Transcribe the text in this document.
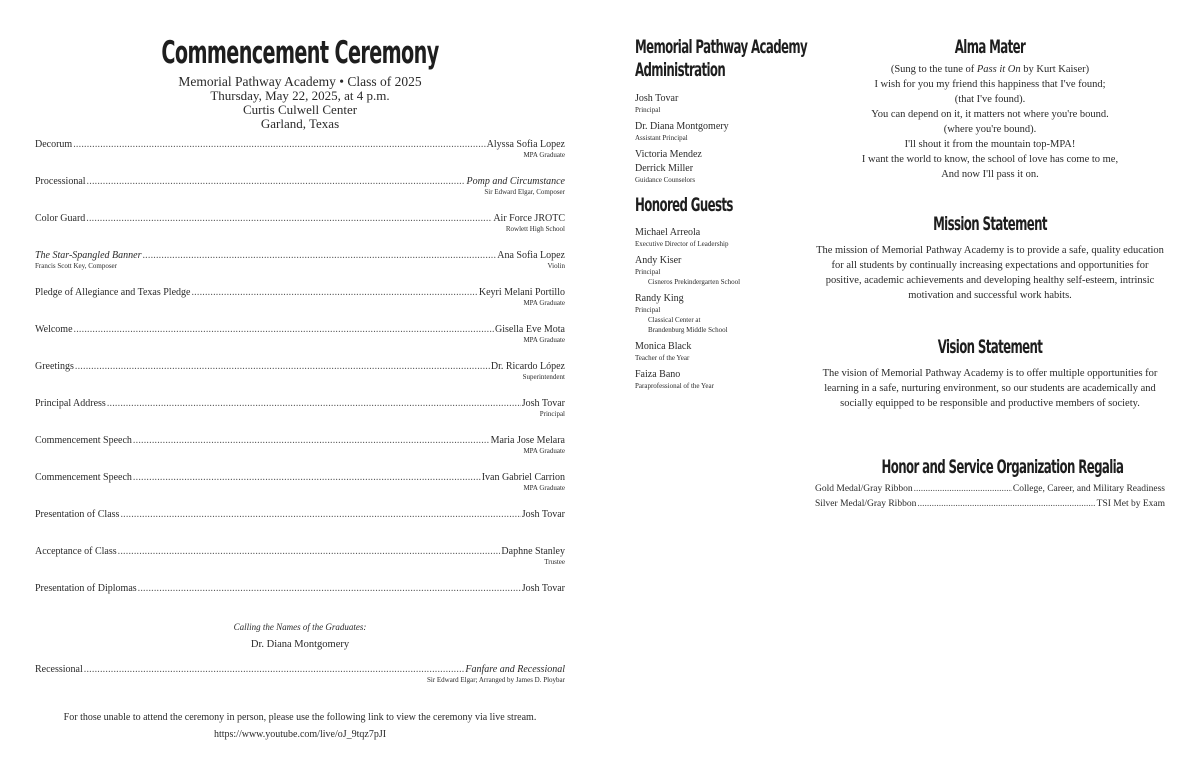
Commencement Ceremony
Memorial Pathway Academy • Class of 2025
Thursday, May 22, 2025, at 4 p.m.
Curtis Culwell Center
Garland, Texas
Decorum .....	Alyssa Sofia Lopez
MPA Graduate
Processional .....	Pomp and Circumstance
Sir Edward Elgar, Composer
Color Guard .....	Air Force JROTC
Rowlett High School
The Star-Spangled Banner .....	Ana Sofia Lopez
Francis Scott Key, Composer	Violin
Pledge of Allegiance and Texas Pledge .....	Keyri Melani Portillo
MPA Graduate
Welcome .....	Gisella Eve Mota
MPA Graduate
Greetings .....	Dr. Ricardo López
Superintendent
Principal Address .....	Josh Tovar
Principal
Commencement Speech .....	Maria Jose Melara
MPA Graduate
Commencement Speech .....	Ivan Gabriel Carrion
MPA Graduate
Presentation of Class .....	Josh Tovar
Acceptance of Class .....	Daphne Stanley
Trustee
Presentation of Diplomas .....	Josh Tovar
Calling the Names of the Graduates:
Dr. Diana Montgomery
Recessional .....	Fanfare and Recessional
Sir Edward Elgar; Arranged by James D. Ploybar
For those unable to attend the ceremony in person, please use the following link to view the ceremony via live stream.
https://www.youtube.com/live/oJ_9tqz7pJI
Memorial Pathway Academy
Administration
Josh Tovar
Principal
Dr. Diana Montgomery
Assistant Principal
Victoria Mendez
Derrick Miller
Guidance Counselors
Honored Guests
Michael Arreola
Executive Director of Leadership
Andy Kiser
Principal
Cisneros Prekindergarten School
Randy King
Principal
Classical Center at
Brandenburg Middle School
Monica Black
Teacher of the Year
Faiza Bano
Paraprofessional of the Year
Alma Mater
(Sung to the tune of Pass it On by Kurt Kaiser)
I wish for you my friend this happiness that I've found;
(that I've found).
You can depend on it, it matters not where you're bound.
(where you're bound).
I'll shout it from the mountain top-MPA!
I want the world to know, the school of love has come to me,
And now I'll pass it on.
Mission Statement
The mission of Memorial Pathway Academy is to provide a safe, quality education for all students by continually increasing expectations and opportunities for positive, academic achievements and developing healthy self-esteem, intrinsic motivation and successful work habits.
Vision Statement
The vision of Memorial Pathway Academy is to offer multiple opportunities for learning in a safe, nurturing environment, so our students are academically and socially equipped to be responsible and productive members of society.
Honor and Service Organization Regalia
Gold Medal/Gray Ribbon .....	College, Career, and Military Readiness
Silver Medal/Gray Ribbon .....	TSI Met by Exam
